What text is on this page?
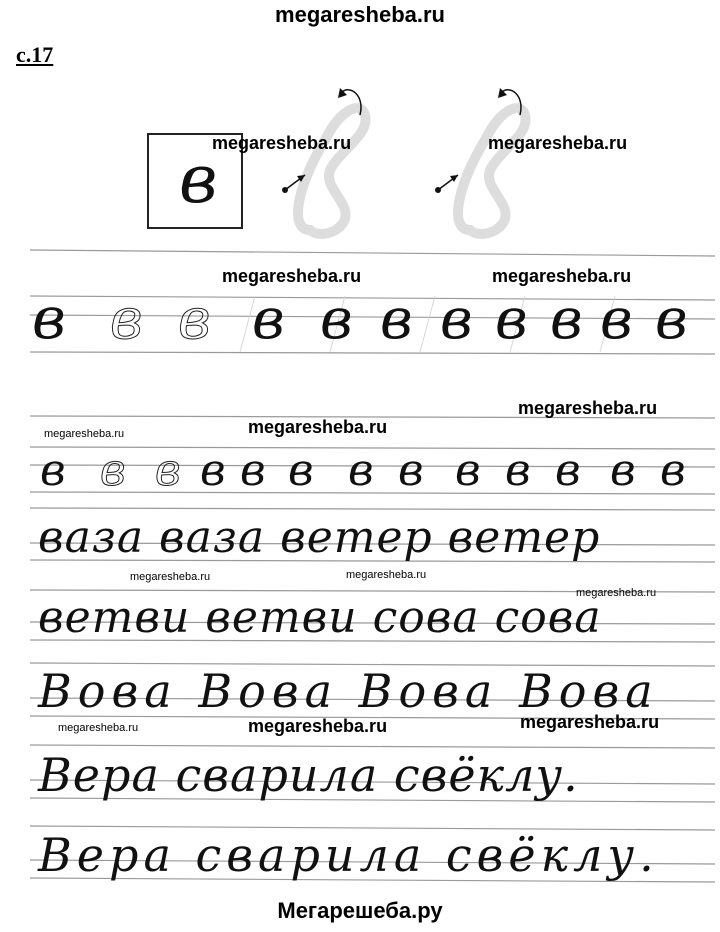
megaresheba.ru
с.17
в
в в в в в в в в в в в
в в в в в в в в в в в в в
ваза ваза ветер ветер
ветви ветви сова сова
Вова Вова Вова Вова
Вера сварила свёклу.
Вера сварила свёклу.
megaresheba.ru	megaresheba.ru
megaresheba.ru	megaresheba.ru
megaresheba.ru
megaresheba.ru	megaresheba.ru
megaresheba.ru	megaresheba.ru
megaresheba.ru
megaresheba.ru	megaresheba.ru	megaresheba.ru
Мегарешеба.ру
